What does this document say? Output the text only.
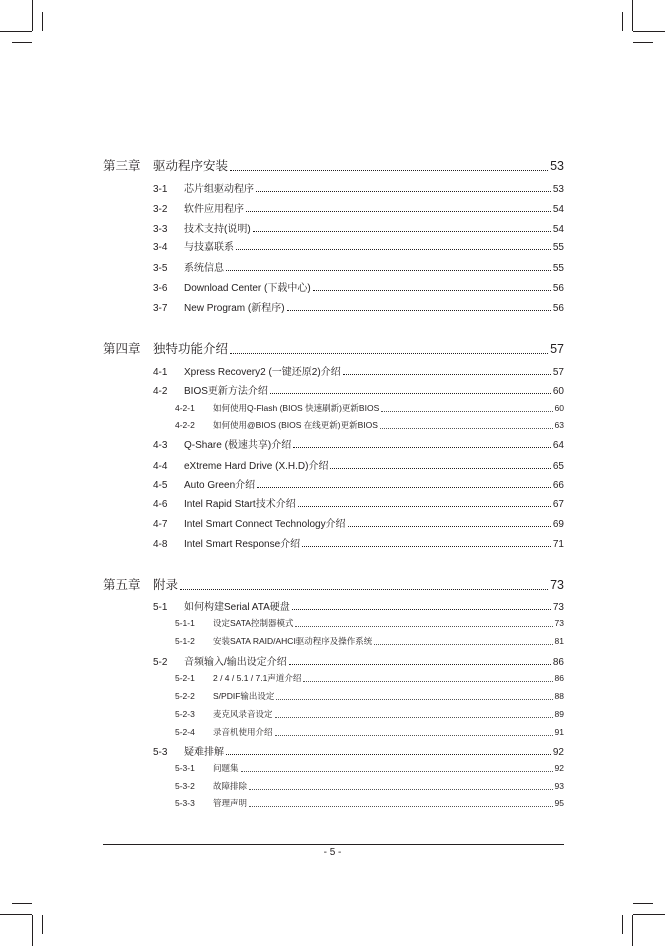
第三章 驱动程序安装	53
3-1	芯片组驱动程序	53
3-2	软件应用程序	54
3-3	技术支持(说明)	54
3-4	与技嘉联系	55
3-5	系统信息	55
3-6	Download Center (下载中心)	56
3-7	New Program (新程序)	56
第四章 独特功能介绍	57
4-1	Xpress Recovery2 (一键还原2)介绍	57
4-2	BIOS更新方法介绍	60
4-2-1	如何使用Q-Flash (BIOS 快速刷新)更新BIOS	60
4-2-2	如何使用@BIOS (BIOS 在线更新)更新BIOS	63
4-3	Q-Share (极速共享)介绍	64
4-4	eXtreme Hard Drive (X.H.D)介绍	65
4-5	Auto Green介绍	66
4-6	Intel Rapid Start技术介绍	67
4-7	Intel Smart Connect Technology介绍	69
4-8	Intel Smart Response介绍	71
第五章 附录	73
5-1	如何构建Serial ATA硬盘	73
5-1-1	设定SATA控制器模式	73
5-1-2	安装SATA RAID/AHCI驱动程序及操作系统	81
5-2	音频输入/输出设定介绍	86
5-2-1	2 / 4 / 5.1 / 7.1声道介绍	86
5-2-2	S/PDIF输出设定	88
5-2-3	麦克风录音设定	89
5-2-4	录音机使用介绍	91
5-3	疑难排解	92
5-3-1	问题集	92
5-3-2	故障排除	93
5-3-3	管理声明	95
- 5 -
